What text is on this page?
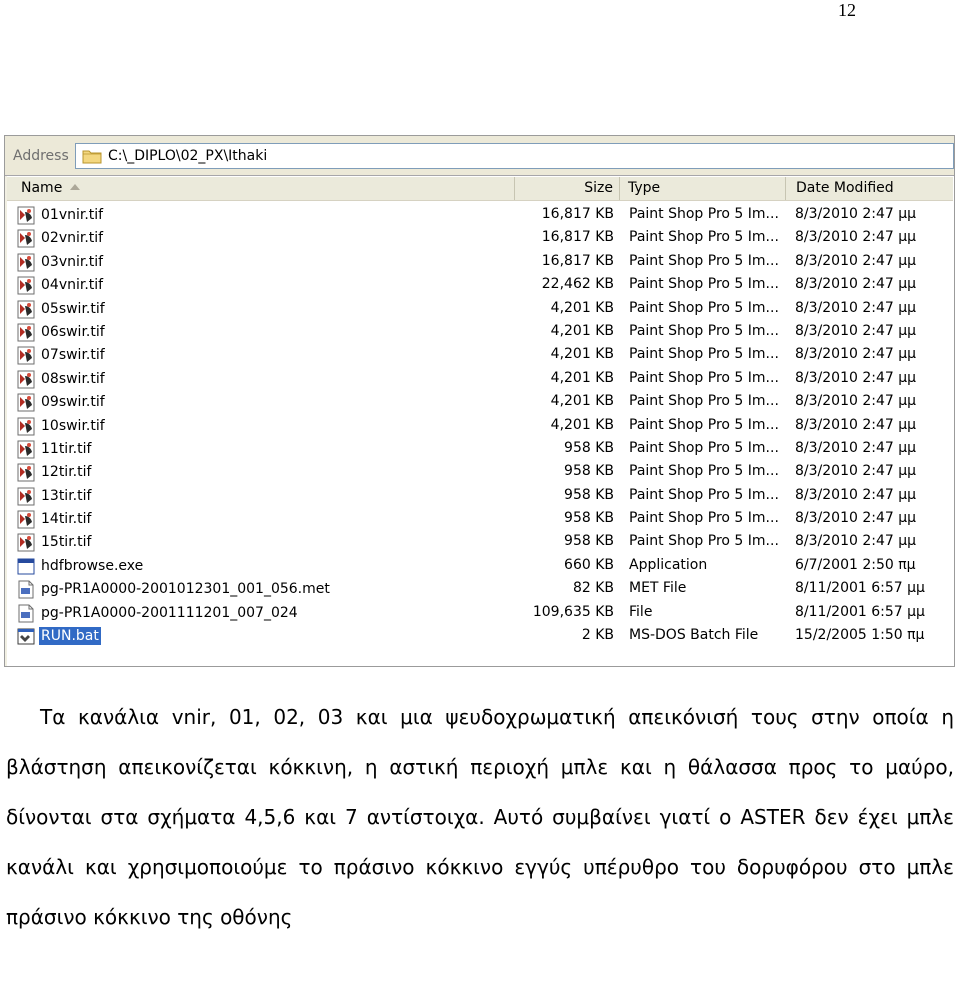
12
Address	C:\_DIPLO\02_PX\Ithaki
Name	Size	Type	Date Modified
01vnir.tif	16,817 KB Paint Shop Pro 5 Im... 8/3/2010 2:47 μμ
02vnir.tif	16,817 KB Paint Shop Pro 5 Im... 8/3/2010 2:47 μμ
03vnir.tif	16,817 KB Paint Shop Pro 5 Im... 8/3/2010 2:47 μμ
04vnir.tif	22,462 KB Paint Shop Pro 5 Im... 8/3/2010 2:47 μμ
05swir.tif	4,201 KB Paint Shop Pro 5 Im... 8/3/2010 2:47 μμ
06swir.tif	4,201 KB Paint Shop Pro 5 Im... 8/3/2010 2:47 μμ
07swir.tif	4,201 KB Paint Shop Pro 5 Im... 8/3/2010 2:47 μμ
08swir.tif	4,201 KB Paint Shop Pro 5 Im... 8/3/2010 2:47 μμ
09swir.tif	4,201 KB Paint Shop Pro 5 Im... 8/3/2010 2:47 μμ
10swir.tif	4,201 KB Paint Shop Pro 5 Im... 8/3/2010 2:47 μμ
11tir.tif	958 KB Paint Shop Pro 5 Im... 8/3/2010 2:47 μμ
12tir.tif	958 KB Paint Shop Pro 5 Im... 8/3/2010 2:47 μμ
13tir.tif	958 KB Paint Shop Pro 5 Im... 8/3/2010 2:47 μμ
14tir.tif	958 KB Paint Shop Pro 5 Im... 8/3/2010 2:47 μμ
15tir.tif	958 KB Paint Shop Pro 5 Im... 8/3/2010 2:47 μμ
hdfbrowse.exe	660 KB Application	6/7/2001 2:50 πμ
pg-PR1A0000-2001012301_001_056.met	82 KB MET File	8/11/2001 6:57 μμ
pg-PR1A0000-2001111201_007_024	109,635 KB File	8/11/2001 6:57 μμ
RUN.bat	2 KB MS-DOS Batch File	15/2/2005 1:50 πμ
Τα κανάλια vnir, 01, 02, 03 και μια ψευδοχρωματική απεικόνισή τους στην οποία η βλάστηση απεικονίζεται κόκκινη, η αστική περιοχή μπλε και η θάλασσα προς το μαύρο, δίνονται στα σχήματα 4,5,6 και 7 αντίστοιχα. Αυτό συμβαίνει γιατί ο ASTER δεν έχει μπλε κανάλι και χρησιμοποιούμε το πράσινο κόκκινο εγγύς υπέρυθρο του δορυφόρου στο μπλε πράσινο κόκκινο της οθόνης
